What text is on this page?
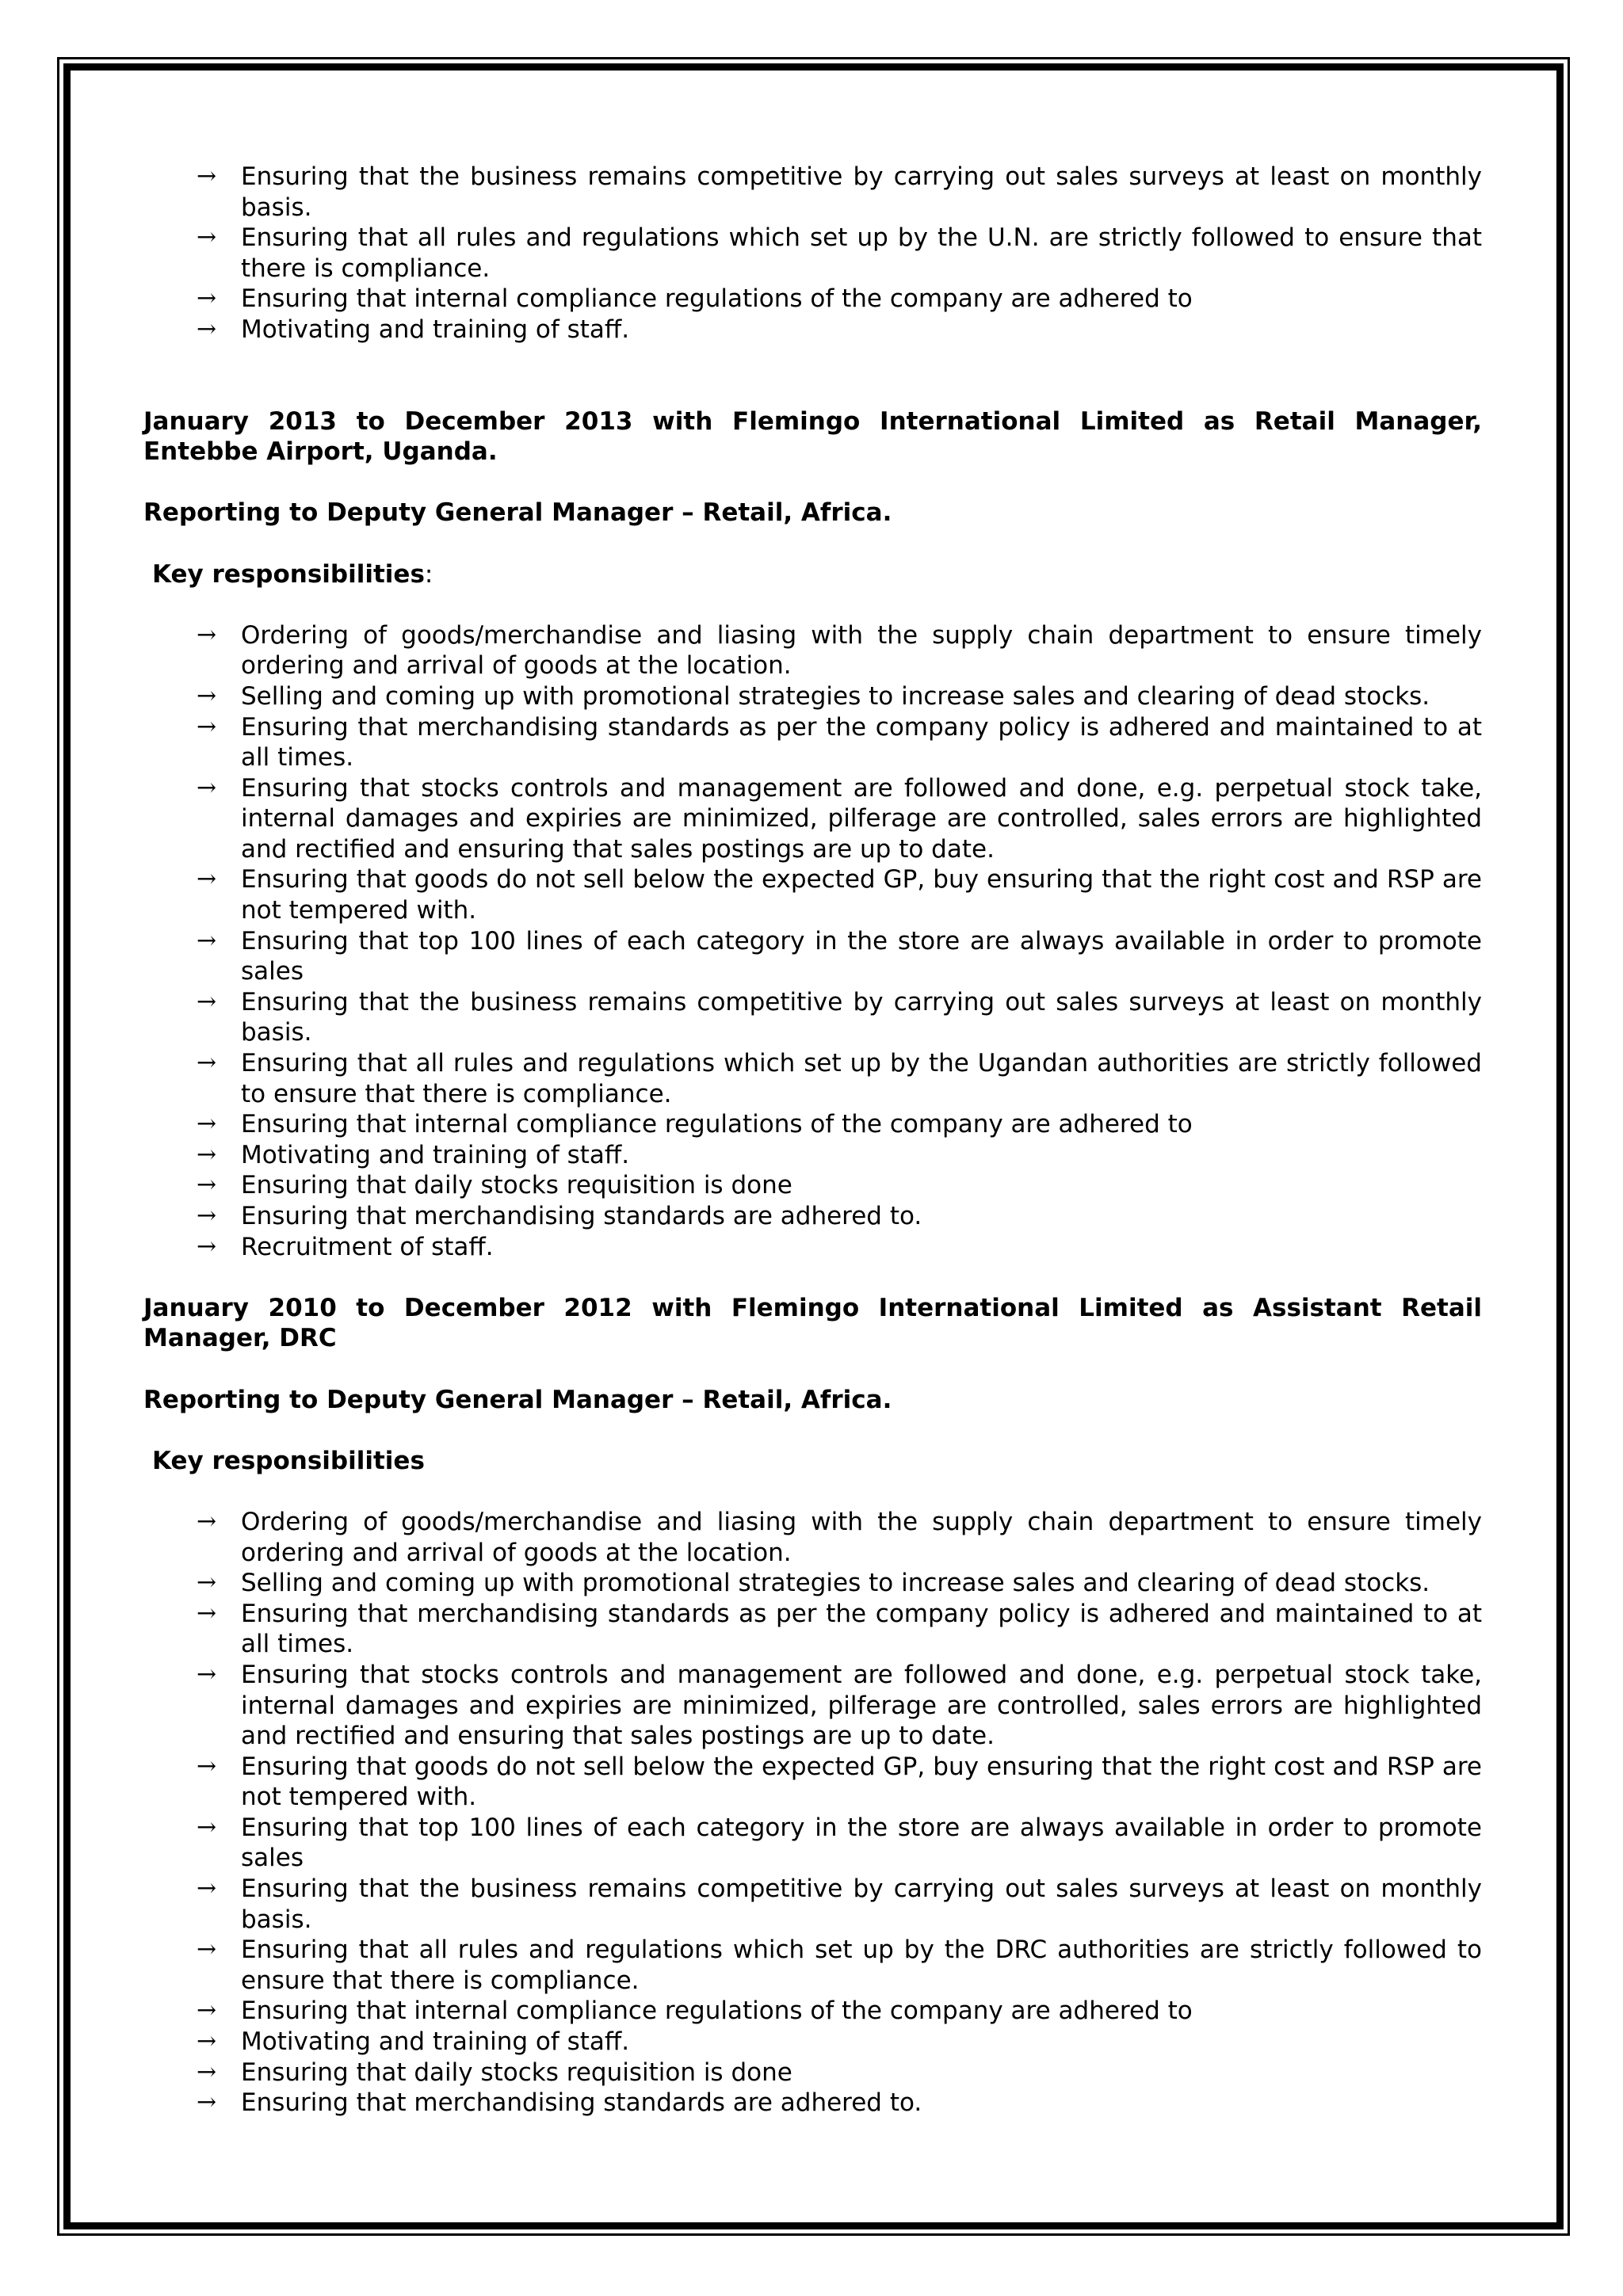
→ Ensuring that the business remains competitive by carrying out sales surveys at least on monthly basis.
→ Ensuring that all rules and regulations which set up by the U.N. are strictly followed to ensure that there is compliance.
→ Ensuring that internal compliance regulations of the company are adhered to
→ Motivating and training of staff.

January 2013 to December 2013 with Flemingo International Limited as Retail Manager, Entebbe Airport, Uganda.

Reporting to Deputy General Manager – Retail, Africa.

Key responsibilities:

→ Ordering of goods/merchandise and liasing with the supply chain department to ensure timely ordering and arrival of goods at the location.
→ Selling and coming up with promotional strategies to increase sales and clearing of dead stocks.
→ Ensuring that merchandising standards as per the company policy is adhered and maintained to at all times.
→ Ensuring that stocks controls and management are followed and done, e.g. perpetual stock take, internal damages and expiries are minimized, pilferage are controlled, sales errors are highlighted and rectified and ensuring that sales postings are up to date.
→ Ensuring that goods do not sell below the expected GP, buy ensuring that the right cost and RSP are not tempered with.
→ Ensuring that top 100 lines of each category in the store are always available in order to promote sales
→ Ensuring that the business remains competitive by carrying out sales surveys at least on monthly basis.
→ Ensuring that all rules and regulations which set up by the Ugandan authorities are strictly followed to ensure that there is compliance.
→ Ensuring that internal compliance regulations of the company are adhered to
→ Motivating and training of staff.
→ Ensuring that daily stocks requisition is done
→ Ensuring that merchandising standards are adhered to.
→ Recruitment of staff.

January 2010 to December 2012 with Flemingo International Limited as Assistant Retail Manager, DRC

Reporting to Deputy General Manager – Retail, Africa.

Key responsibilities

→ Ordering of goods/merchandise and liasing with the supply chain department to ensure timely ordering and arrival of goods at the location.
→ Selling and coming up with promotional strategies to increase sales and clearing of dead stocks.
→ Ensuring that merchandising standards as per the company policy is adhered and maintained to at all times.
→ Ensuring that stocks controls and management are followed and done, e.g. perpetual stock take, internal damages and expiries are minimized, pilferage are controlled, sales errors are highlighted and rectified and ensuring that sales postings are up to date.
→ Ensuring that goods do not sell below the expected GP, buy ensuring that the right cost and RSP are not tempered with.
→ Ensuring that top 100 lines of each category in the store are always available in order to promote sales
→ Ensuring that the business remains competitive by carrying out sales surveys at least on monthly basis.
→ Ensuring that all rules and regulations which set up by the DRC authorities are strictly followed to ensure that there is compliance.
→ Ensuring that internal compliance regulations of the company are adhered to
→ Motivating and training of staff.
→ Ensuring that daily stocks requisition is done
→ Ensuring that merchandising standards are adhered to.
